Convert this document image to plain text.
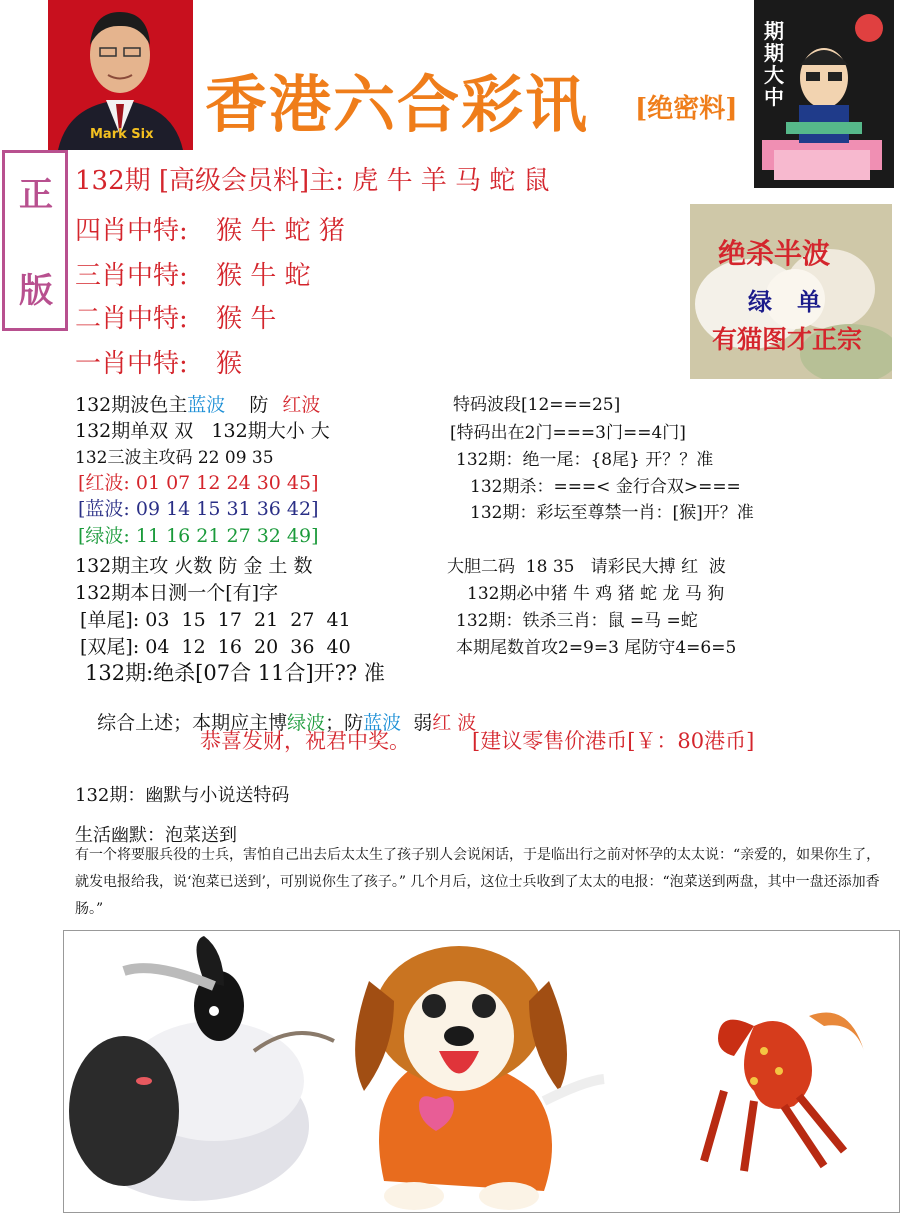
Mark Six 香港六合彩讯 [绝密料]
期期大中
正
版
132期 [高级会员料]主: 虎 牛 羊 马 蛇 鼠
四肖中特: 猴 牛 蛇 猪
三肖中特: 猴 牛 蛇
二肖中特: 猴 牛
一肖中特: 猴
绝杀半波
绿   单
有猫图才正宗
132期波色主蓝波 防 红波
132期单双 双   132期大小 大
132三波主攻码 22 09 35
[红波: 01 07 12 24 30 45]
[蓝波: 09 14 15 31 36 42]
[绿波: 11 16 21 27 32 49]
132期主攻 火数 防 金 土 数
132期本日测一个[有]字
[单尾]: 03  15  17  21  27  41
[双尾]: 04  12  16  20  36  40
132期:绝杀[07合 11合]开?? 准
特码波段[12===25]
[特码出在2门===3门==4门]
132期：绝一尾：{8尾} 开？？准
132期杀：===< 金行合双>===
132期：彩坛至尊禁一肖：[猴]开？准
大胆二码  18 35   请彩民大搏 红  波
132期必中猪 牛 鸡 猪 蛇 龙 马 狗
132期：铁杀三肖：鼠 =马 =蛇
本期尾数首攻2=9=3 尾防守4=6=5

综合上述；本期应主博绿波；防蓝波  弱红 波

恭喜发财，祝君中奖。	[建议零售价港币[￥：80港币]
132期：幽默与小说送特码
生活幽默：泡菜送到
有一个将要服兵役的士兵，害怕自己出去后太太生了孩子别人会说闲话，于是临出行之前对怀孕的太太说：“亲爱的，如果你生了，就发电报给我，说‘泡菜已送到’，可别说你生了孩子。” 几个月后，这位士兵收到了太太的电报：“泡菜送到两盘，其中一盘还添加香肠。”
